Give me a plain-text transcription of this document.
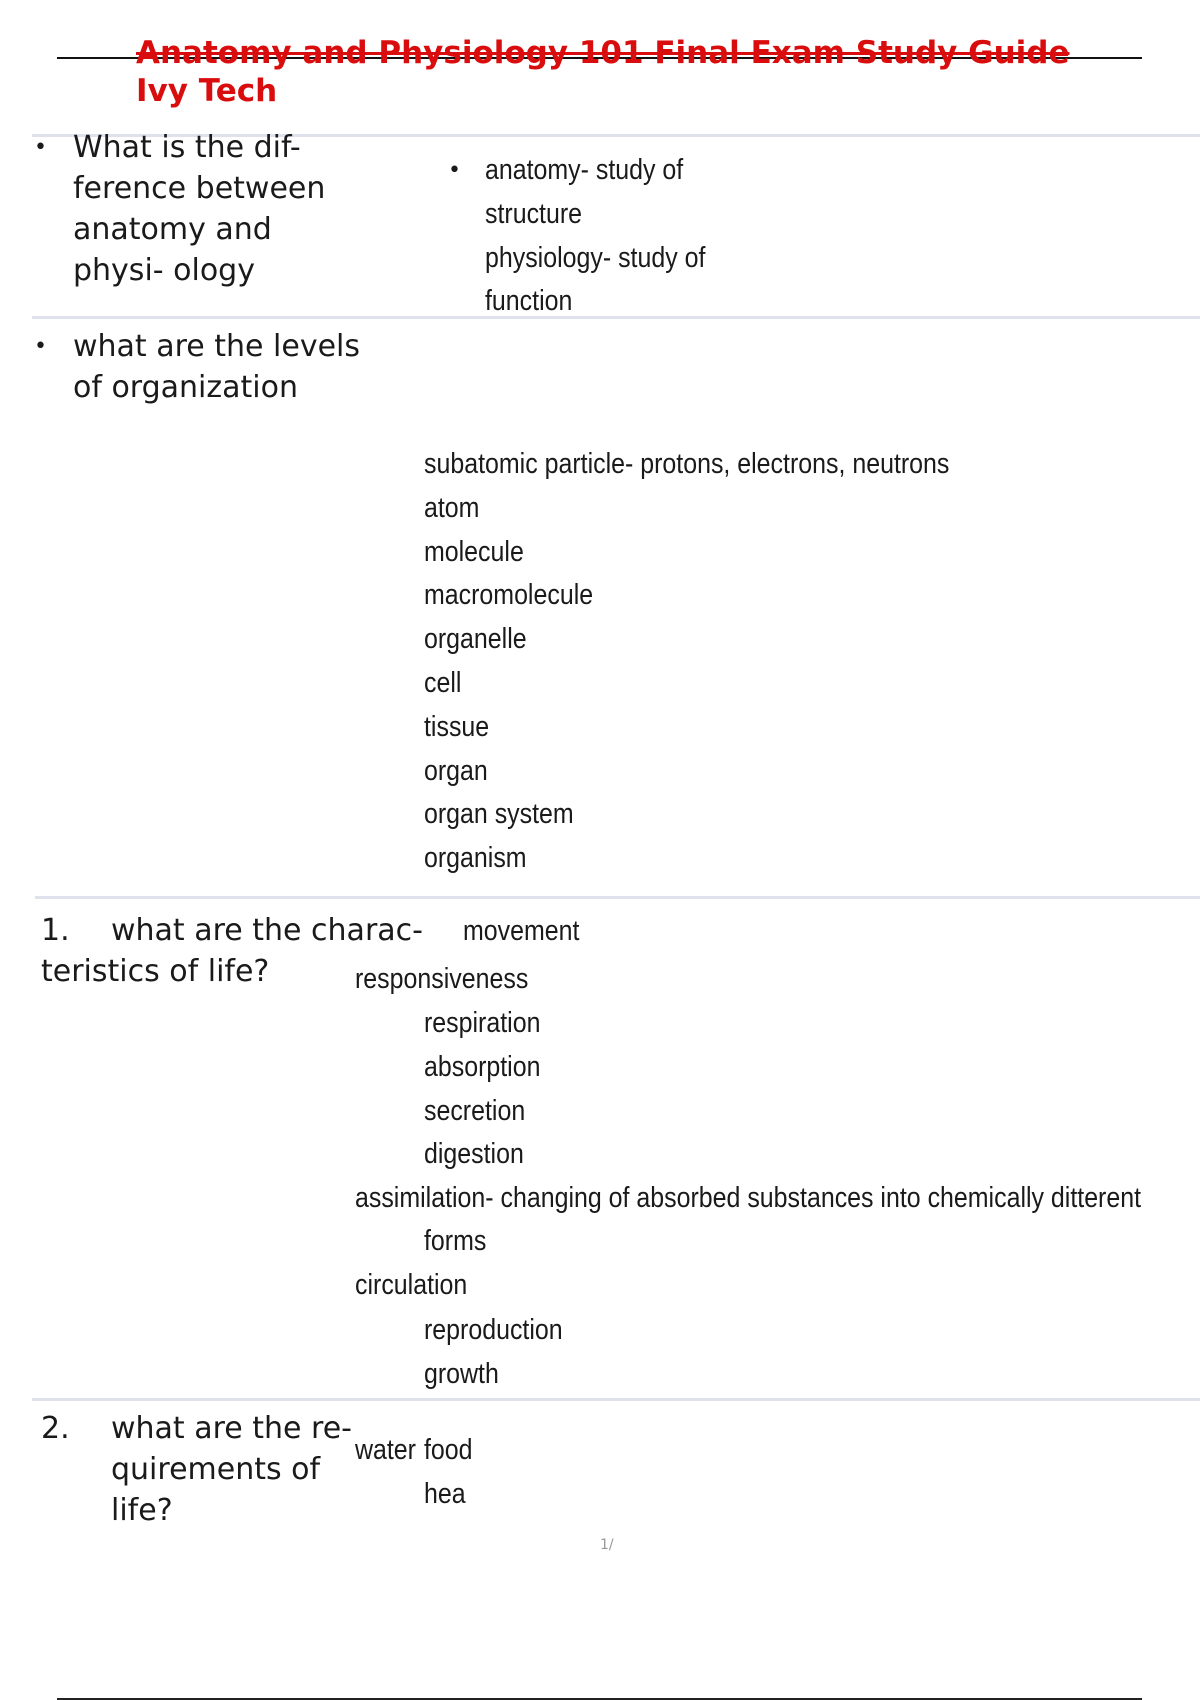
Anatomy and Physiology 101 Final Exam Study Guide
Ivy Tech
• What is the dif-
ference between
anatomy and
physi- ology
• anatomy- study of
structure
physiology- study of
function
• what are the levels
of organization
subatomic particle- protons, electrons, neutrons
atom
molecule
macromolecule
organelle
cell
tissue
organ
organ system
organism
1. what are the charac-
teristics of life?
movement
responsiveness
respiration
absorption
secretion
digestion
assimilation- changing of absorbed substances into chemically ditterent
forms
circulation
reproduction
growth
2. what are the re-
quirements of
life?
water food
hea
1/
